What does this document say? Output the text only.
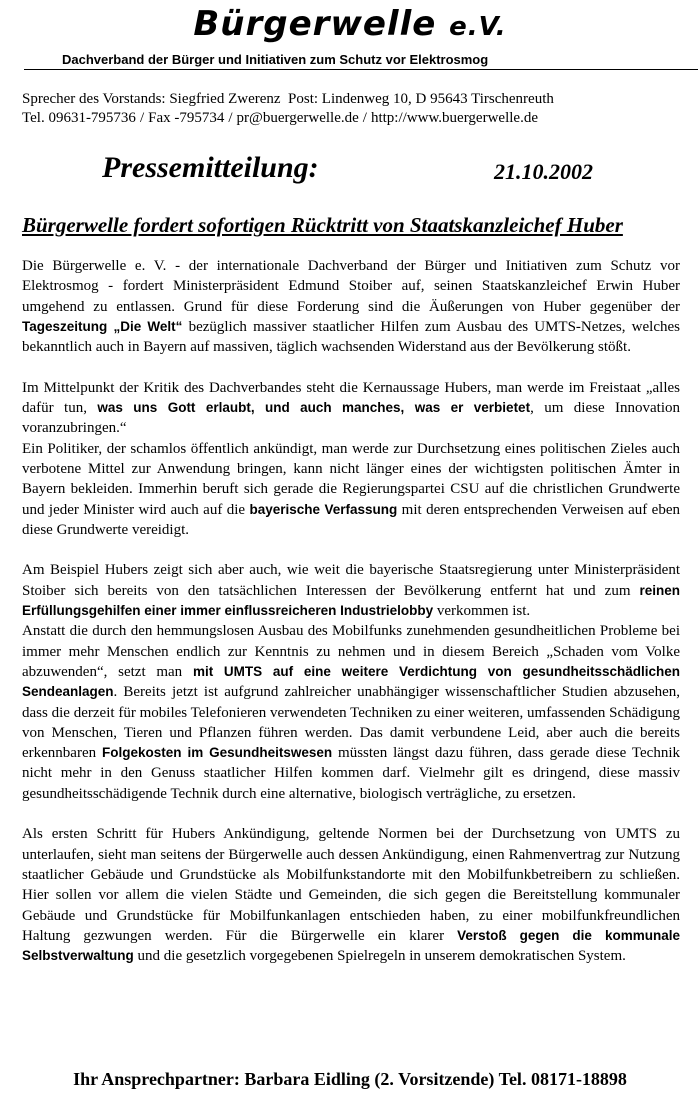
Bürgerwelle e.V.
Dachverband der Bürger und Initiativen zum Schutz vor Elektrosmog
Sprecher des Vorstands: Siegfried Zwerenz Post: Lindenweg 10, D 95643 Tirschenreuth
Tel. 09631-795736 / Fax -795734 / pr@buergerwelle.de / http://www.buergerwelle.de
Pressemitteilung:	21.10.2002
Bürgerwelle fordert sofortigen Rücktritt von Staatskanzleichef Huber

Die Bürgerwelle e. V. - der internationale Dachverband der Bürger und Initiativen zum Schutz vor Elektrosmog - fordert Ministerpräsident Edmund Stoiber auf, seinen Staatskanzleichef Erwin Huber umgehend zu entlassen. Grund für diese Forderung sind die Äußerungen von Huber gegenüber der Tageszeitung „Die Welt“ bezüglich massiver staatlicher Hilfen zum Ausbau des UMTS-Netzes, welches bekanntlich auch in Bayern auf massiven, täglich wachsenden Widerstand aus der Bevölkerung stößt.

Im Mittelpunkt der Kritik des Dachverbandes steht die Kernaussage Hubers, man werde im Freistaat „alles dafür tun, was uns Gott erlaubt, und auch manches, was er verbietet, um diese Innovation voranzubringen.“

Ein Politiker, der schamlos öffentlich ankündigt, man werde zur Durchsetzung eines politischen Zieles auch verbotene Mittel zur Anwendung bringen, kann nicht länger eines der wichtigsten politischen Ämter in Bayern bekleiden. Immerhin beruft sich gerade die Regierungspartei CSU auf die christlichen Grundwerte und jeder Minister wird auch auf die bayerische Verfassung mit deren entsprechenden Verweisen auf eben diese Grundwerte vereidigt.

Am Beispiel Hubers zeigt sich aber auch, wie weit die bayerische Staatsregierung unter Ministerpräsident Stoiber sich bereits von den tatsächlichen Interessen der Bevölkerung entfernt hat und zum reinen Erfüllungsgehilfen einer immer einflussreicheren Industrielobby verkommen ist.

Anstatt die durch den hemmungslosen Ausbau des Mobilfunks zunehmenden gesundheitlichen Probleme bei immer mehr Menschen endlich zur Kenntnis zu nehmen und in diesem Bereich „Schaden vom Volke abzuwenden“, setzt man mit UMTS auf eine weitere Verdichtung von gesundheitsschädlichen Sendeanlagen. Bereits jetzt ist aufgrund zahlreicher unabhängiger wissenschaftlicher Studien abzusehen, dass die derzeit für mobiles Telefonieren verwendeten Techniken zu einer weiteren, umfassenden Schädigung von Menschen, Tieren und Pflanzen führen werden. Das damit verbundene Leid, aber auch die bereits erkennbaren Folgekosten im Gesundheitswesen müssten längst dazu führen, dass gerade diese Technik nicht mehr in den Genuss staatlicher Hilfen kommen darf. Vielmehr gilt es dringend, diese massiv gesundheitsschädigende Technik durch eine alternative, biologisch verträgliche, zu ersetzen.

Als ersten Schritt für Hubers Ankündigung, geltende Normen bei der Durchsetzung von UMTS zu unterlaufen, sieht man seitens der Bürgerwelle auch dessen Ankündigung, einen Rahmenvertrag zur Nutzung staatlicher Gebäude und Grundstücke als Mobilfunkstandorte mit den Mobilfunkbetreibern zu schließen. Hier sollen vor allem die vielen Städte und Gemeinden, die sich gegen die Bereitstellung kommunaler Gebäude und Grundstücke für Mobilfunkanlagen entschieden haben, zu einer mobilfunkfreundlichen Haltung gezwungen werden. Für die Bürgerwelle ein klarer Verstoß gegen die kommunale Selbstverwaltung und die gesetzlich vorgegebenen Spielregeln in unserem demokratischen System.

Ihr Ansprechpartner: Barbara Eidling (2. Vorsitzende) Tel. 08171-18898
